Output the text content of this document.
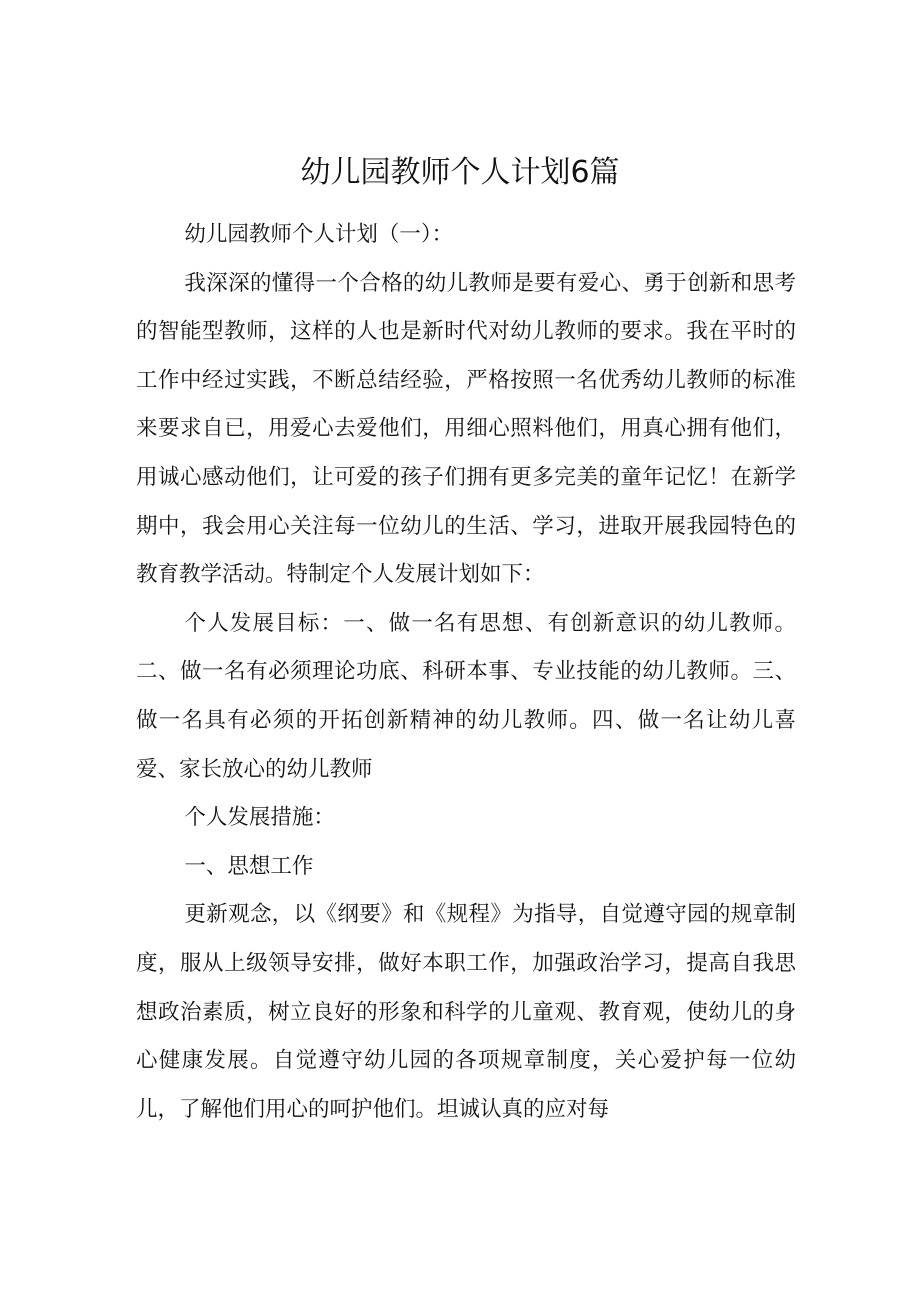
幼儿园教师个人计划6篇

幼儿园教师个人计划（一）：

我深深的懂得一个合格的幼儿教师是要有爱心、勇于创新和思考的智能型教师，这样的人也是新时代对幼儿教师的要求。我在平时的工作中经过实践，不断总结经验，严格按照一名优秀幼儿教师的标准来要求自已，用爱心去爱他们，用细心照料他们，用真心拥有他们，用诚心感动他们，让可爱的孩子们拥有更多完美的童年记忆！在新学期中，我会用心关注每一位幼儿的生活、学习，进取开展我园特色的教育教学活动。特制定个人发展计划如下：

个人发展目标：一、做一名有思想、有创新意识的幼儿教师。二、做一名有必须理论功底、科研本事、专业技能的幼儿教师。三、做一名具有必须的开拓创新精神的幼儿教师。四、做一名让幼儿喜爱、家长放心的幼儿教师

个人发展措施：

一、思想工作

更新观念，以《纲要》和《规程》为指导，自觉遵守园的规章制度，服从上级领导安排，做好本职工作，加强政治学习，提高自我思想政治素质，树立良好的形象和科学的儿童观、教育观，使幼儿的身心健康发展。自觉遵守幼儿园的各项规章制度，关心爱护每一位幼儿，了解他们用心的呵护他们。坦诚认真的应对每
